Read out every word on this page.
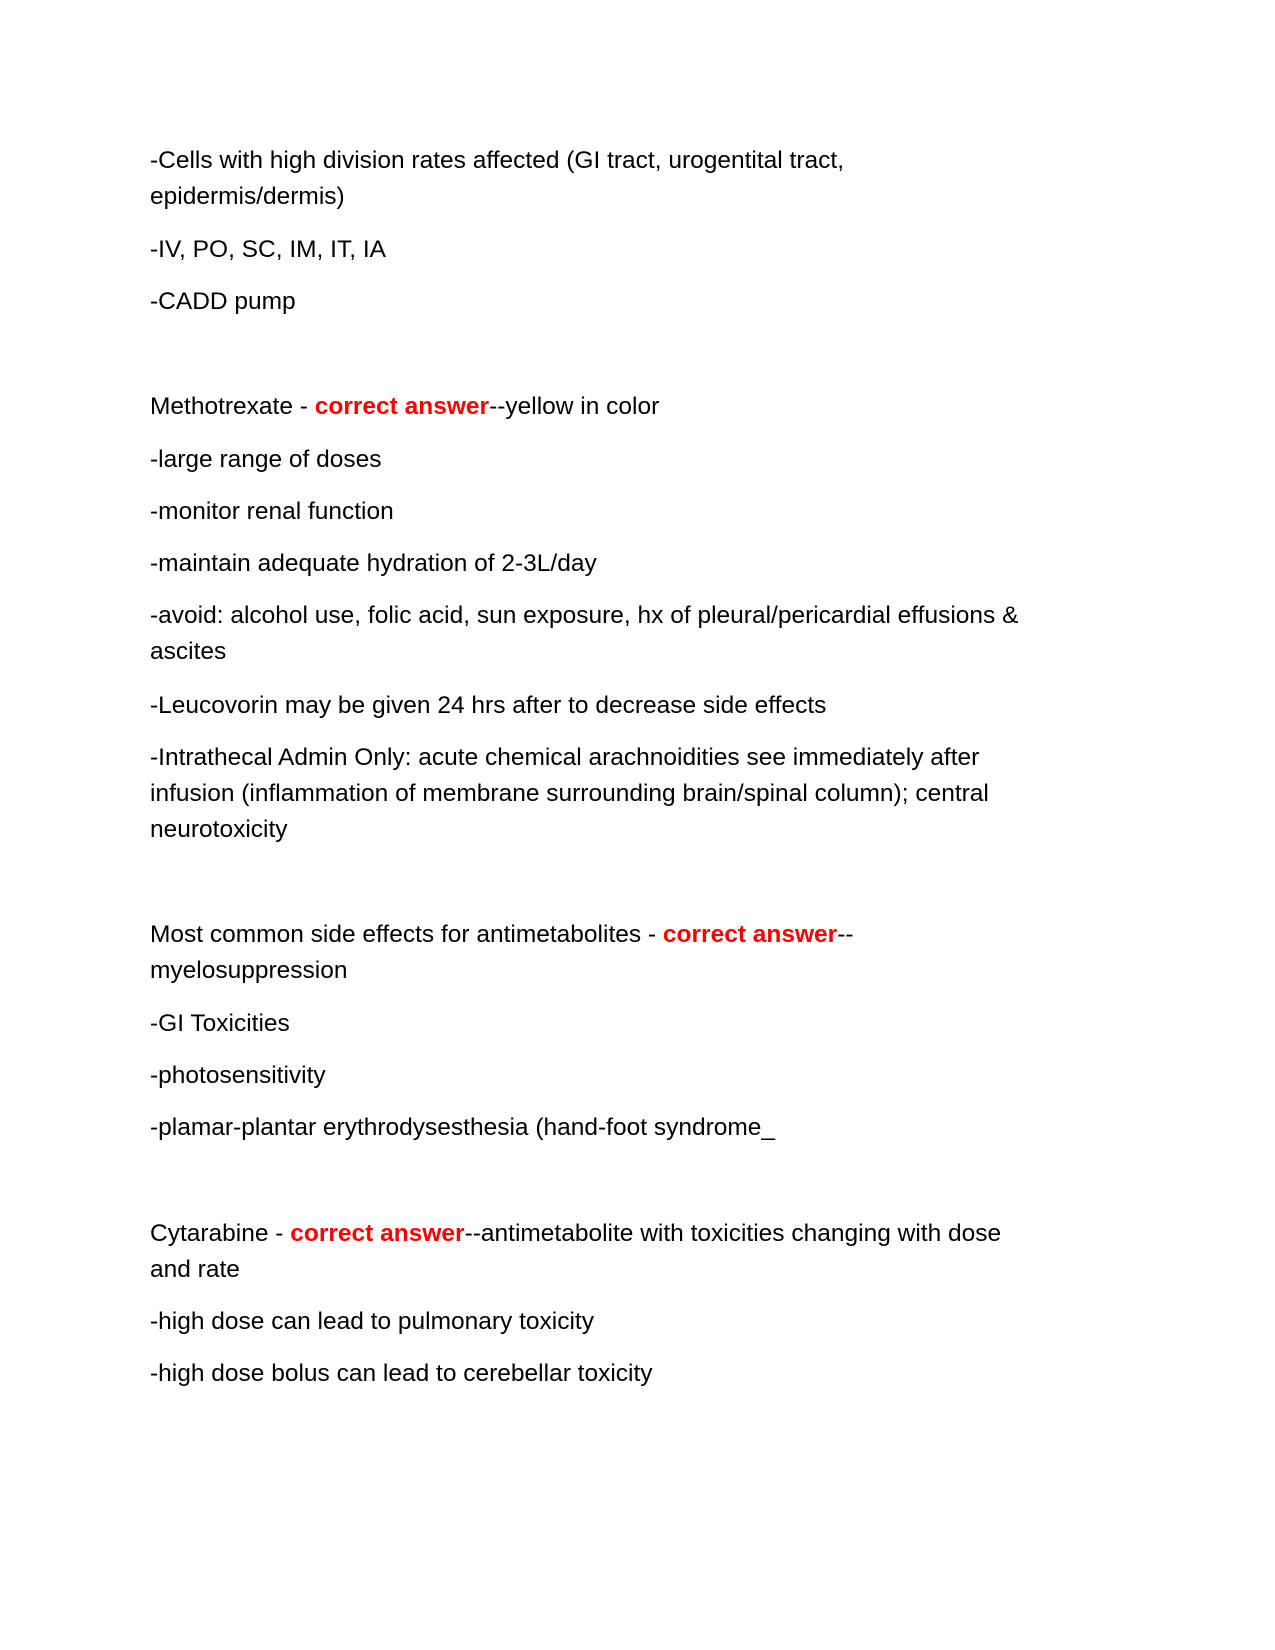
-Cells with high division rates affected (GI tract, urogentital tract,

epidermis/dermis)

-IV, PO, SC, IM, IT, IA

-CADD pump

Methotrexate - correct answer--yellow in color

-large range of doses

-monitor renal function

-maintain adequate hydration of 2-3L/day

-avoid: alcohol use, folic acid, sun exposure, hx of pleural/pericardial effusions &

ascites

-Leucovorin may be given 24 hrs after to decrease side effects

-Intrathecal Admin Only: acute chemical arachnoidities see immediately after

infusion (inflammation of membrane surrounding brain/spinal column); central

neurotoxicity

Most common side effects for antimetabolites - correct answer--

myelosuppression

-GI Toxicities

-photosensitivity

-plamar-plantar erythrodysesthesia (hand-foot syndrome_

Cytarabine - correct answer--antimetabolite with toxicities changing with dose

and rate

-high dose can lead to pulmonary toxicity

-high dose bolus can lead to cerebellar toxicity
